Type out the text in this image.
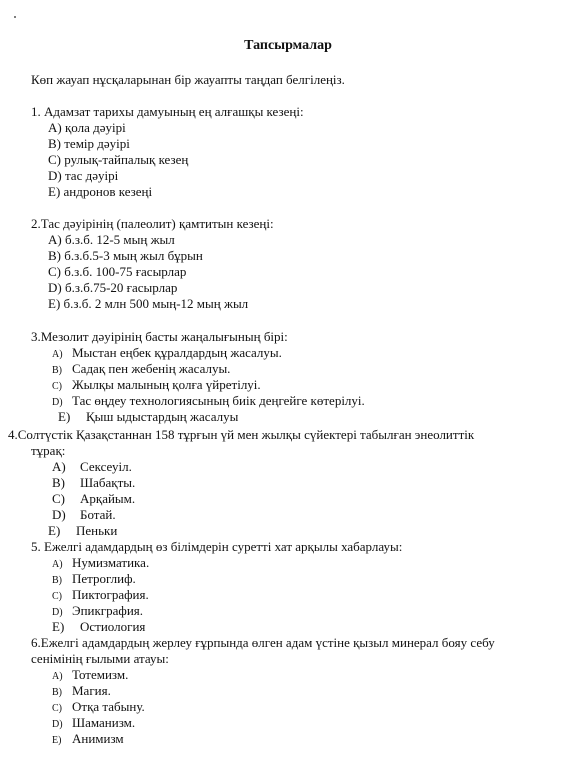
Тапсырмалар
Көп жауап нұсқаларынан бір жауапты таңдап белгілеңіз.
1. Адамзат тарихы дамуының ең алғашқы кезеңі:
A) қола дәуірі
B) темір дәуірі
C) рулық-тайпалық кезең
D) тас дәуірі
E) андронов кезеңі
2.Тас дәуірінің (палеолит) қамтитын кезеңі:
A) б.з.б. 12-5 мың жыл
B) б.з.б.5-3 мың жыл бұрын
C) б.з.б. 100-75 ғасырлар
D) б.з.б.75-20 ғасырлар
E) б.з.б. 2 млн 500 мың-12 мың жыл
3.Мезолит дәуірінің басты жаңалығының бірі:
A) Мыстан еңбек құралдардың жасалуы.
B) Садақ пен жебенің жасалуы.
C) Жылқы малының қолға үйретілуі.
D) Тас өңдеу технологиясының биік деңгейге көтерілуі.
E) Қыш ыдыстардың жасалуы
4.Солтүстік Қазақстаннан 158 тұрғын үй мен жылқы сүйектері табылған энеолиттік
тұрақ:
A) Сексеуіл.
B) Шабақты.
C) Арқайым.
D) Ботай.
E) Пеньки
5. Ежелгі адамдардың өз білімдерін суретті хат арқылы хабарлауы:
A) Нумизматика.
B) Петроглиф.
C) Пиктография.
D) Эпикграфия.
E) Остиология
6.Ежелгі адамдардың жерлеу ғұрпында өлген адам үстіне қызыл минерал бояу себу
сенімінің ғылыми атауы:
A) Тотемизм.
B) Магия.
C) Отқа табыну.
D) Шаманизм.
E) Анимизм
